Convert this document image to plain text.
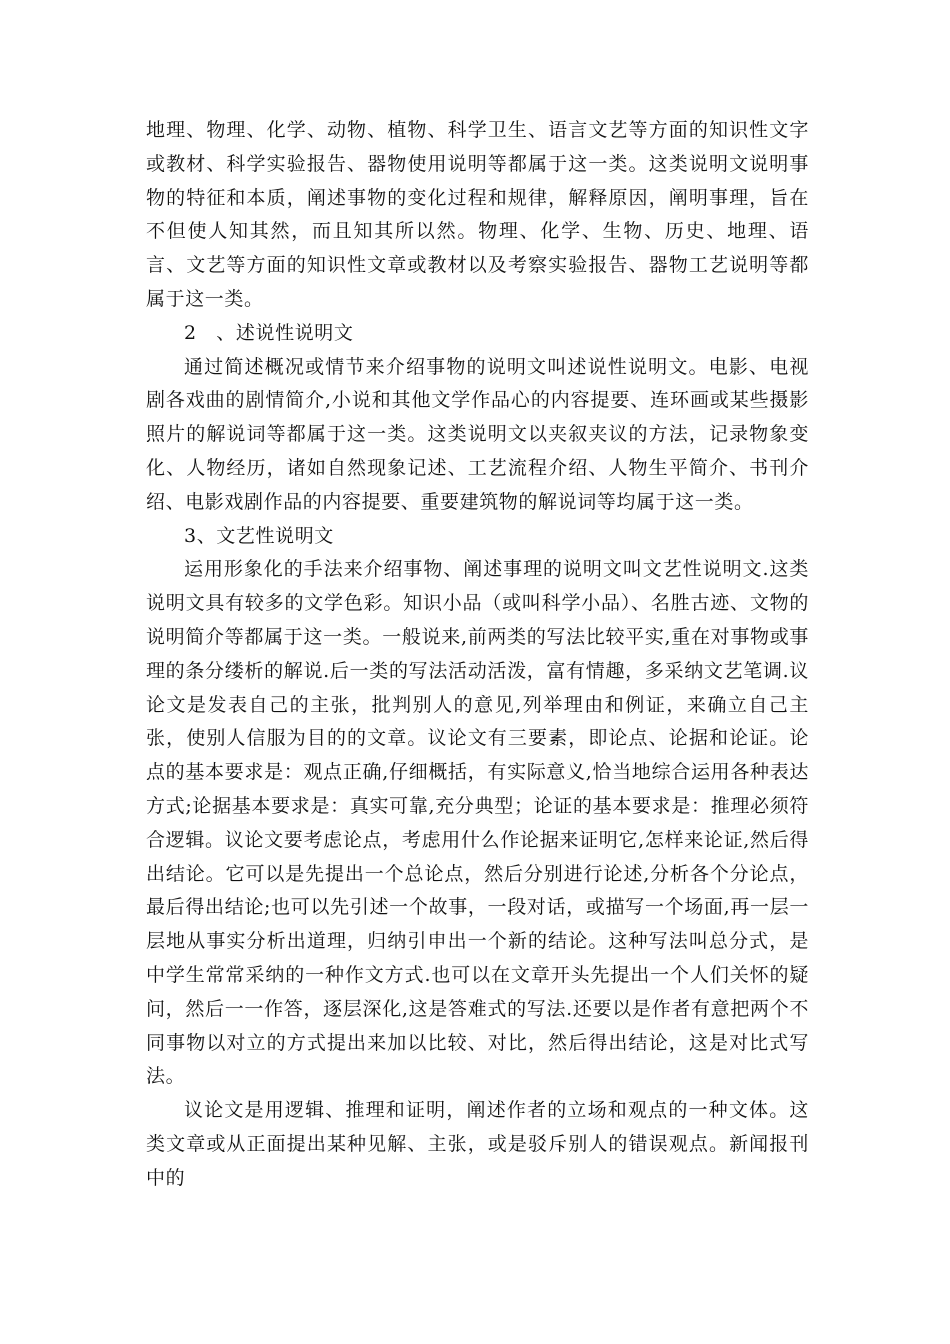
地理、物理、化学、动物、植物、科学卫生、语言文艺等方面的知识性文字或教材、科学实验报告、器物使用说明等都属于这一类。这类说明文说明事物的特征和本质，阐述事物的变化过程和规律，解释原因，阐明事理，旨在不但使人知其然，而且知其所以然。物理、化学、生物、历史、地理、语言、文艺等方面的知识性文章或教材以及考察实验报告、器物工艺说明等都属于这一类。

2　、述说性说明文

通过简述概况或情节来介绍事物的说明文叫述说性说明文。电影、电视剧各戏曲的剧情简介,小说和其他文学作品心的内容提要、连环画或某些摄影照片的解说词等都属于这一类。这类说明文以夹叙夹议的方法，记录物象变化、人物经历，诸如自然现象记述、工艺流程介绍、人物生平简介、书刊介绍、电影戏剧作品的内容提要、重要建筑物的解说词等均属于这一类。

3、文艺性说明文

运用形象化的手法来介绍事物、阐述事理的说明文叫文艺性说明文.这类说明文具有较多的文学色彩。知识小品（或叫科学小品）、名胜古迹、文物的说明简介等都属于这一类。一般说来,前两类的写法比较平实,重在对事物或事理的条分缕析的解说.后一类的写法活动活泼，富有情趣，多采纳文艺笔调.议论文是发表自己的主张，批判别人的意见,列举理由和例证，来确立自己主张，使别人信服为目的的文章。议论文有三要素，即论点、论据和论证。论点的基本要求是：观点正确,仔细概括，有实际意义,恰当地综合运用各种表达方式;论据基本要求是：真实可靠,充分典型；论证的基本要求是：推理必须符合逻辑。议论文要考虑论点，考虑用什么作论据来证明它,怎样来论证,然后得出结论。它可以是先提出一个总论点，然后分别进行论述,分析各个分论点，最后得出结论;也可以先引述一个故事，一段对话，或描写一个场面,再一层一层地从事实分析出道理，归纳引申出一个新的结论。这种写法叫总分式，是中学生常常采纳的一种作文方式.也可以在文章开头先提出一个人们关怀的疑问，然后一一作答，逐层深化,这是答难式的写法.还要以是作者有意把两个不同事物以对立的方式提出来加以比较、对比，然后得出结论，这是对比式写法。

议论文是用逻辑、推理和证明，阐述作者的立场和观点的一种文体。这类文章或从正面提出某种见解、主张，或是驳斥别人的错误观点。新闻报刊中的
